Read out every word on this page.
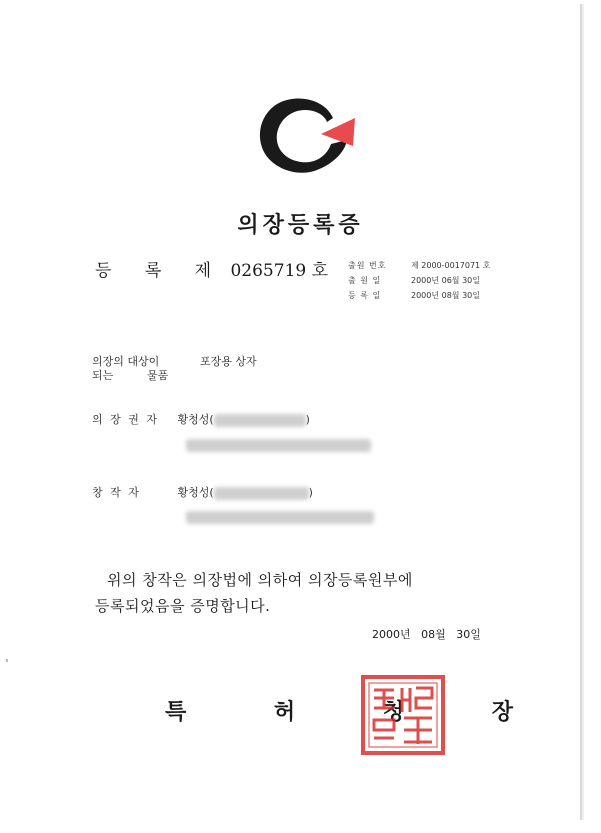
의장등록증
등 록 제 0265719 호 출원 번호	제 2000-0017071 호
출 원 일	2000년 06월 30일
등 록 일	2000년 08월 30일
의장의 대상이	포장용 상자
되는	물품
의 장 권 자 황청성(	)
창 작 자	황청성(	)
위의 창작은 의장법에 의하여 의장등록원부에
등록되었음을 증명합니다.
2000년   08월   30일
특 허 청 장
